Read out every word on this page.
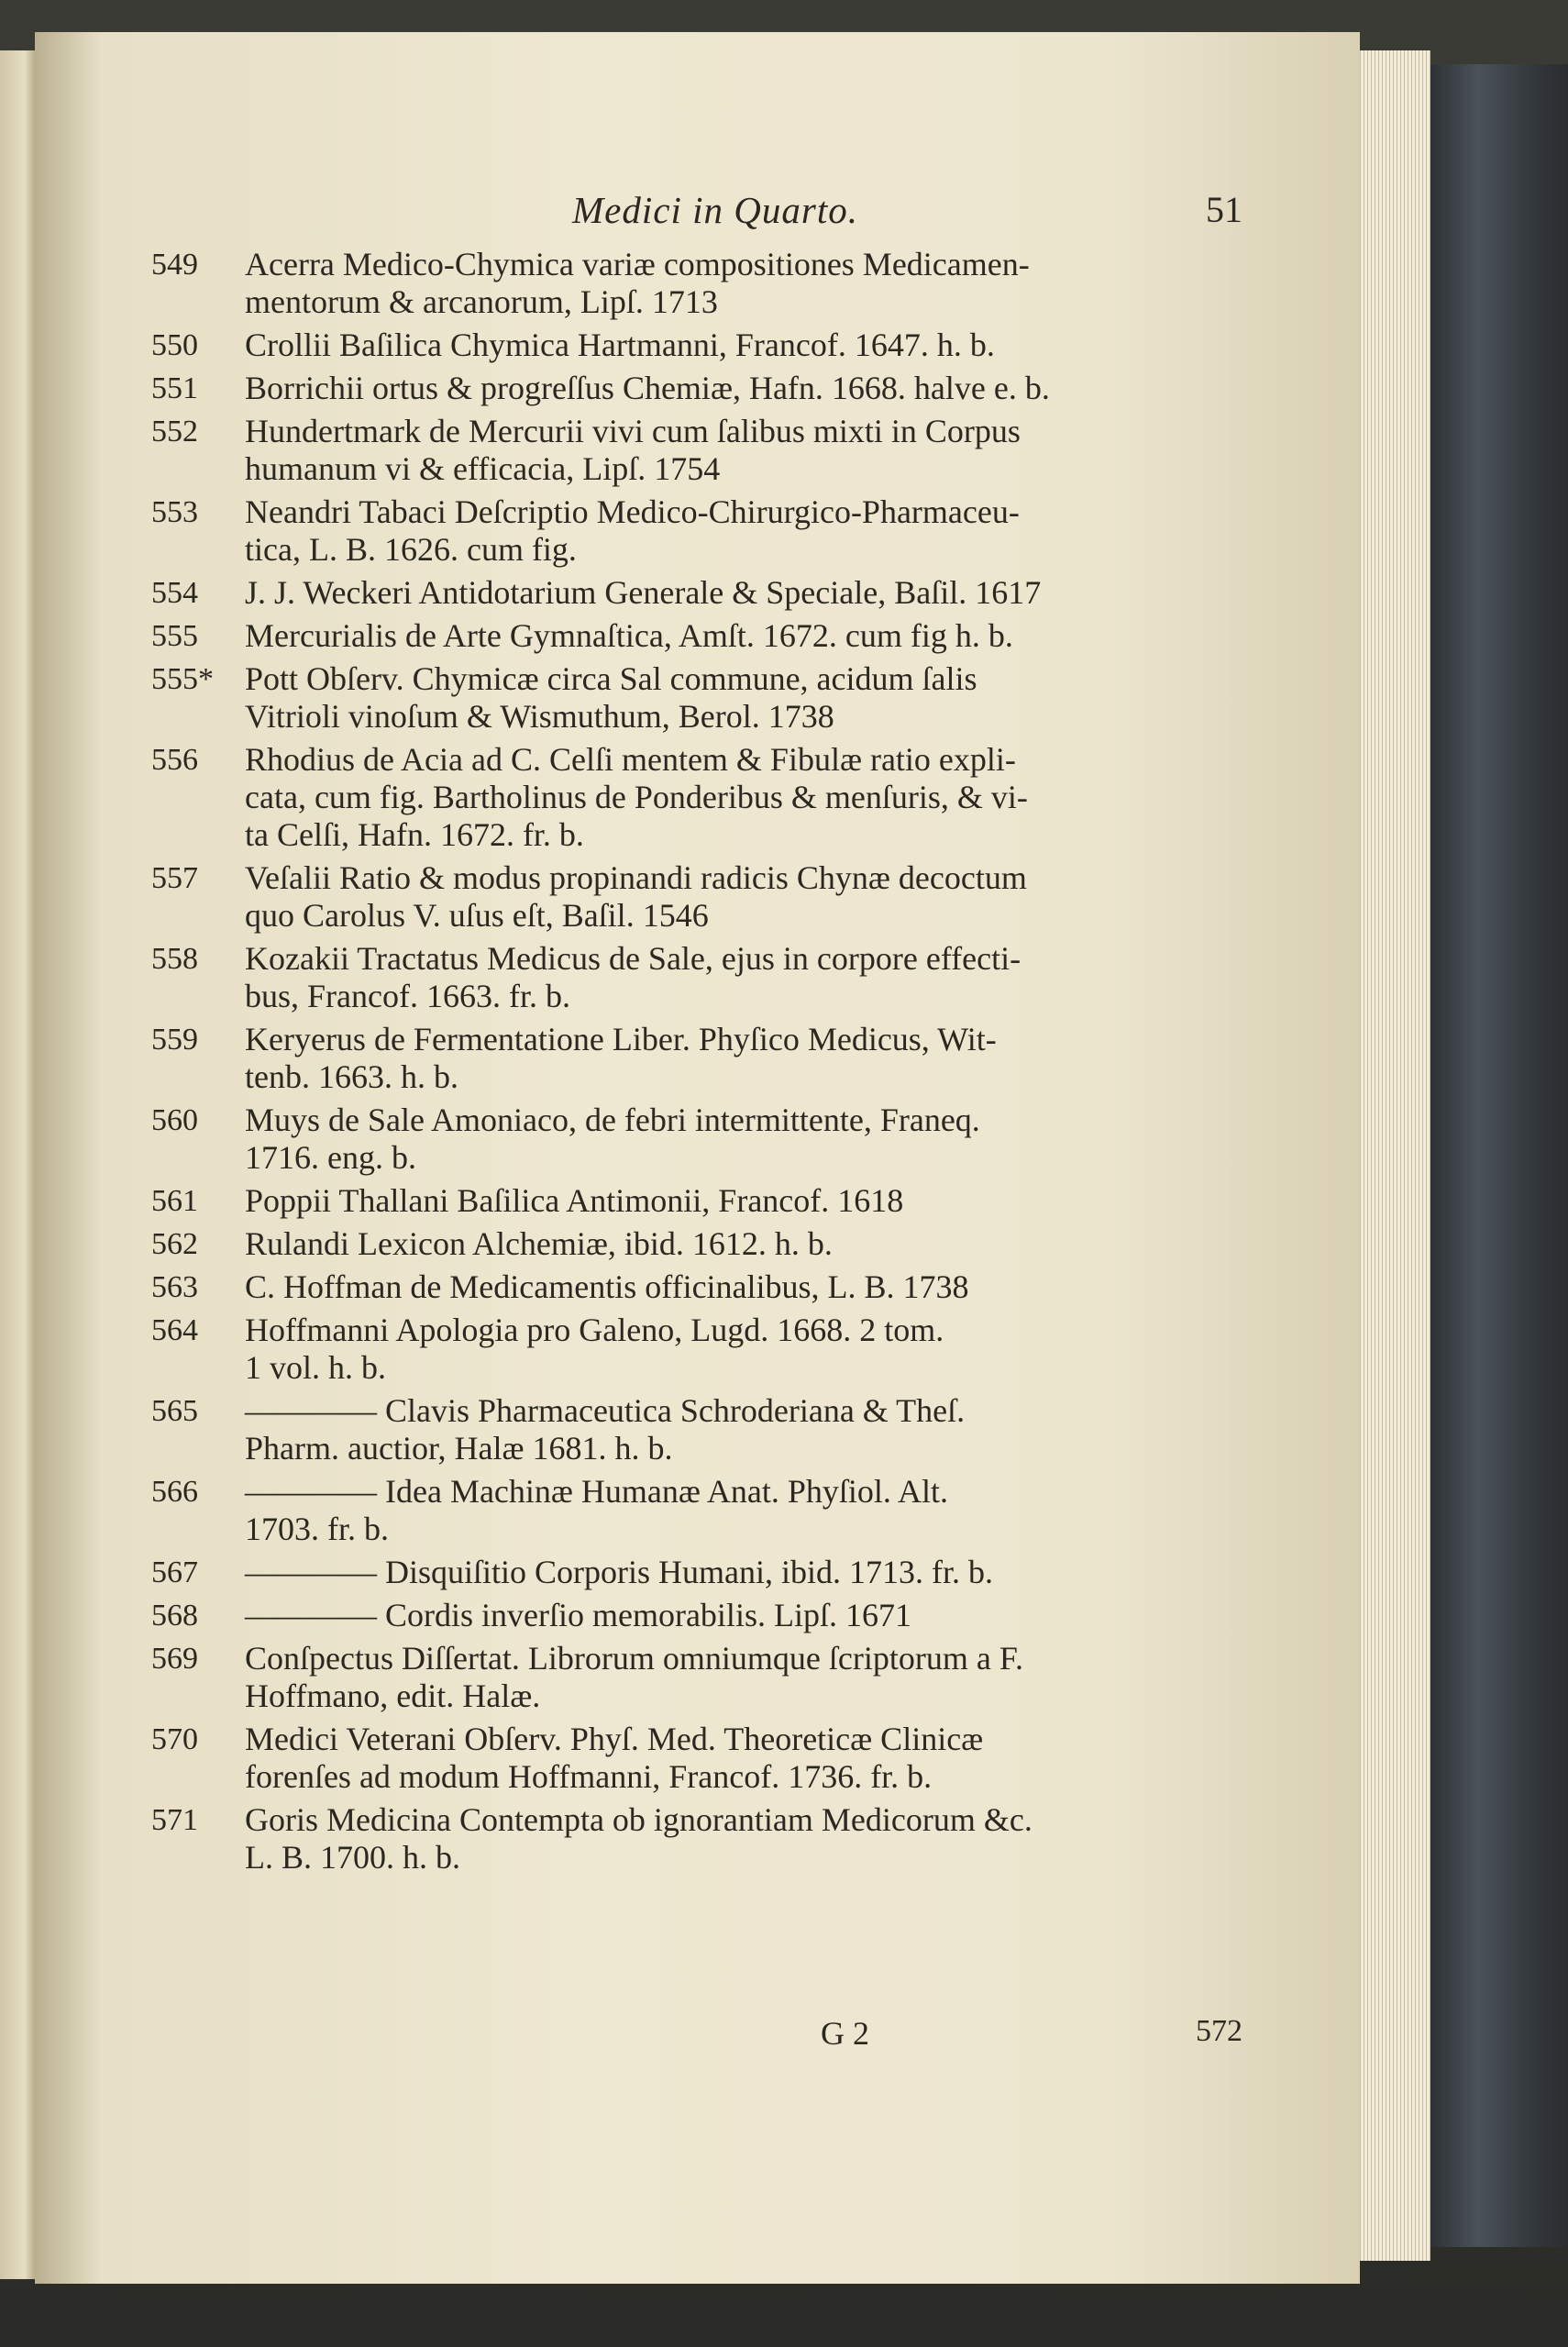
Medici in Quarto.	51
549 Acerra Medico-Chymica variæ compositiones Medicamen-
mentorum & arcanorum, Lipſ. 1713
550 Crollii Baſilica Chymica Hartmanni, Francof. 1647. h. b.
551 Borrichii ortus & progreſſus Chemiæ, Hafn. 1668. halve e. b.
552 Hundertmark de Mercurii vivi cum ſalibus mixti in Corpus
humanum vi & efficacia, Lipſ. 1754
553 Neandri Tabaci Deſcriptio Medico-Chirurgico-Pharmaceu-
tica, L. B. 1626. cum fig.
554 J. J. Weckeri Antidotarium Generale & Speciale, Baſil. 1617
555 Mercurialis de Arte Gymnaſtica, Amſt. 1672. cum fig h. b.
555* Pott Obſerv. Chymicæ circa Sal commune, acidum ſalis
Vitrioli vinoſum & Wismuthum, Berol. 1738
556 Rhodius de Acia ad C. Celſi mentem & Fibulæ ratio expli-
cata, cum fig. Bartholinus de Ponderibus & menſuris, & vi-
ta Celſi, Hafn. 1672. fr. b.
557 Veſalii Ratio & modus propinandi radicis Chynæ decoctum
quo Carolus V. uſus eſt, Baſil. 1546
558 Kozakii Tractatus Medicus de Sale, ejus in corpore effecti-
bus, Francof. 1663. fr. b.
559 Keryerus de Fermentatione Liber. Phyſico Medicus, Wit-
tenb. 1663. h. b.
560 Muys de Sale Amoniaco, de febri intermittente, Franeq.
1716. eng. b.
561 Poppii Thallani Baſilica Antimonii, Francof. 1618
562 Rulandi Lexicon Alchemiæ, ibid. 1612. h. b.
563 C. Hoffman de Medicamentis officinalibus, L. B. 1738
564 Hoffmanni Apologia pro Galeno, Lugd. 1668. 2 tom.
1 vol. h. b.
565 ———— Clavis Pharmaceutica Schroderiana & Theſ.
Pharm. auctior, Halæ 1681. h. b.
566 ———— Idea Machinæ Humanæ Anat. Phyſiol. Alt.
1703. fr. b.
567 ———— Disquiſitio Corporis Humani, ibid. 1713. fr. b.
568 ———— Cordis inverſio memorabilis. Lipſ. 1671
569 Conſpectus Diſſertat. Librorum omniumque ſcriptorum a F.
Hoffmano, edit. Halæ.
570 Medici Veterani Obſerv. Phyſ. Med. Theoreticæ Clinicæ
forenſes ad modum Hoffmanni, Francof. 1736. fr. b.
571 Goris Medicina Contempta ob ignorantiam Medicorum &c.
L. B. 1700. h. b.
G 2	572
